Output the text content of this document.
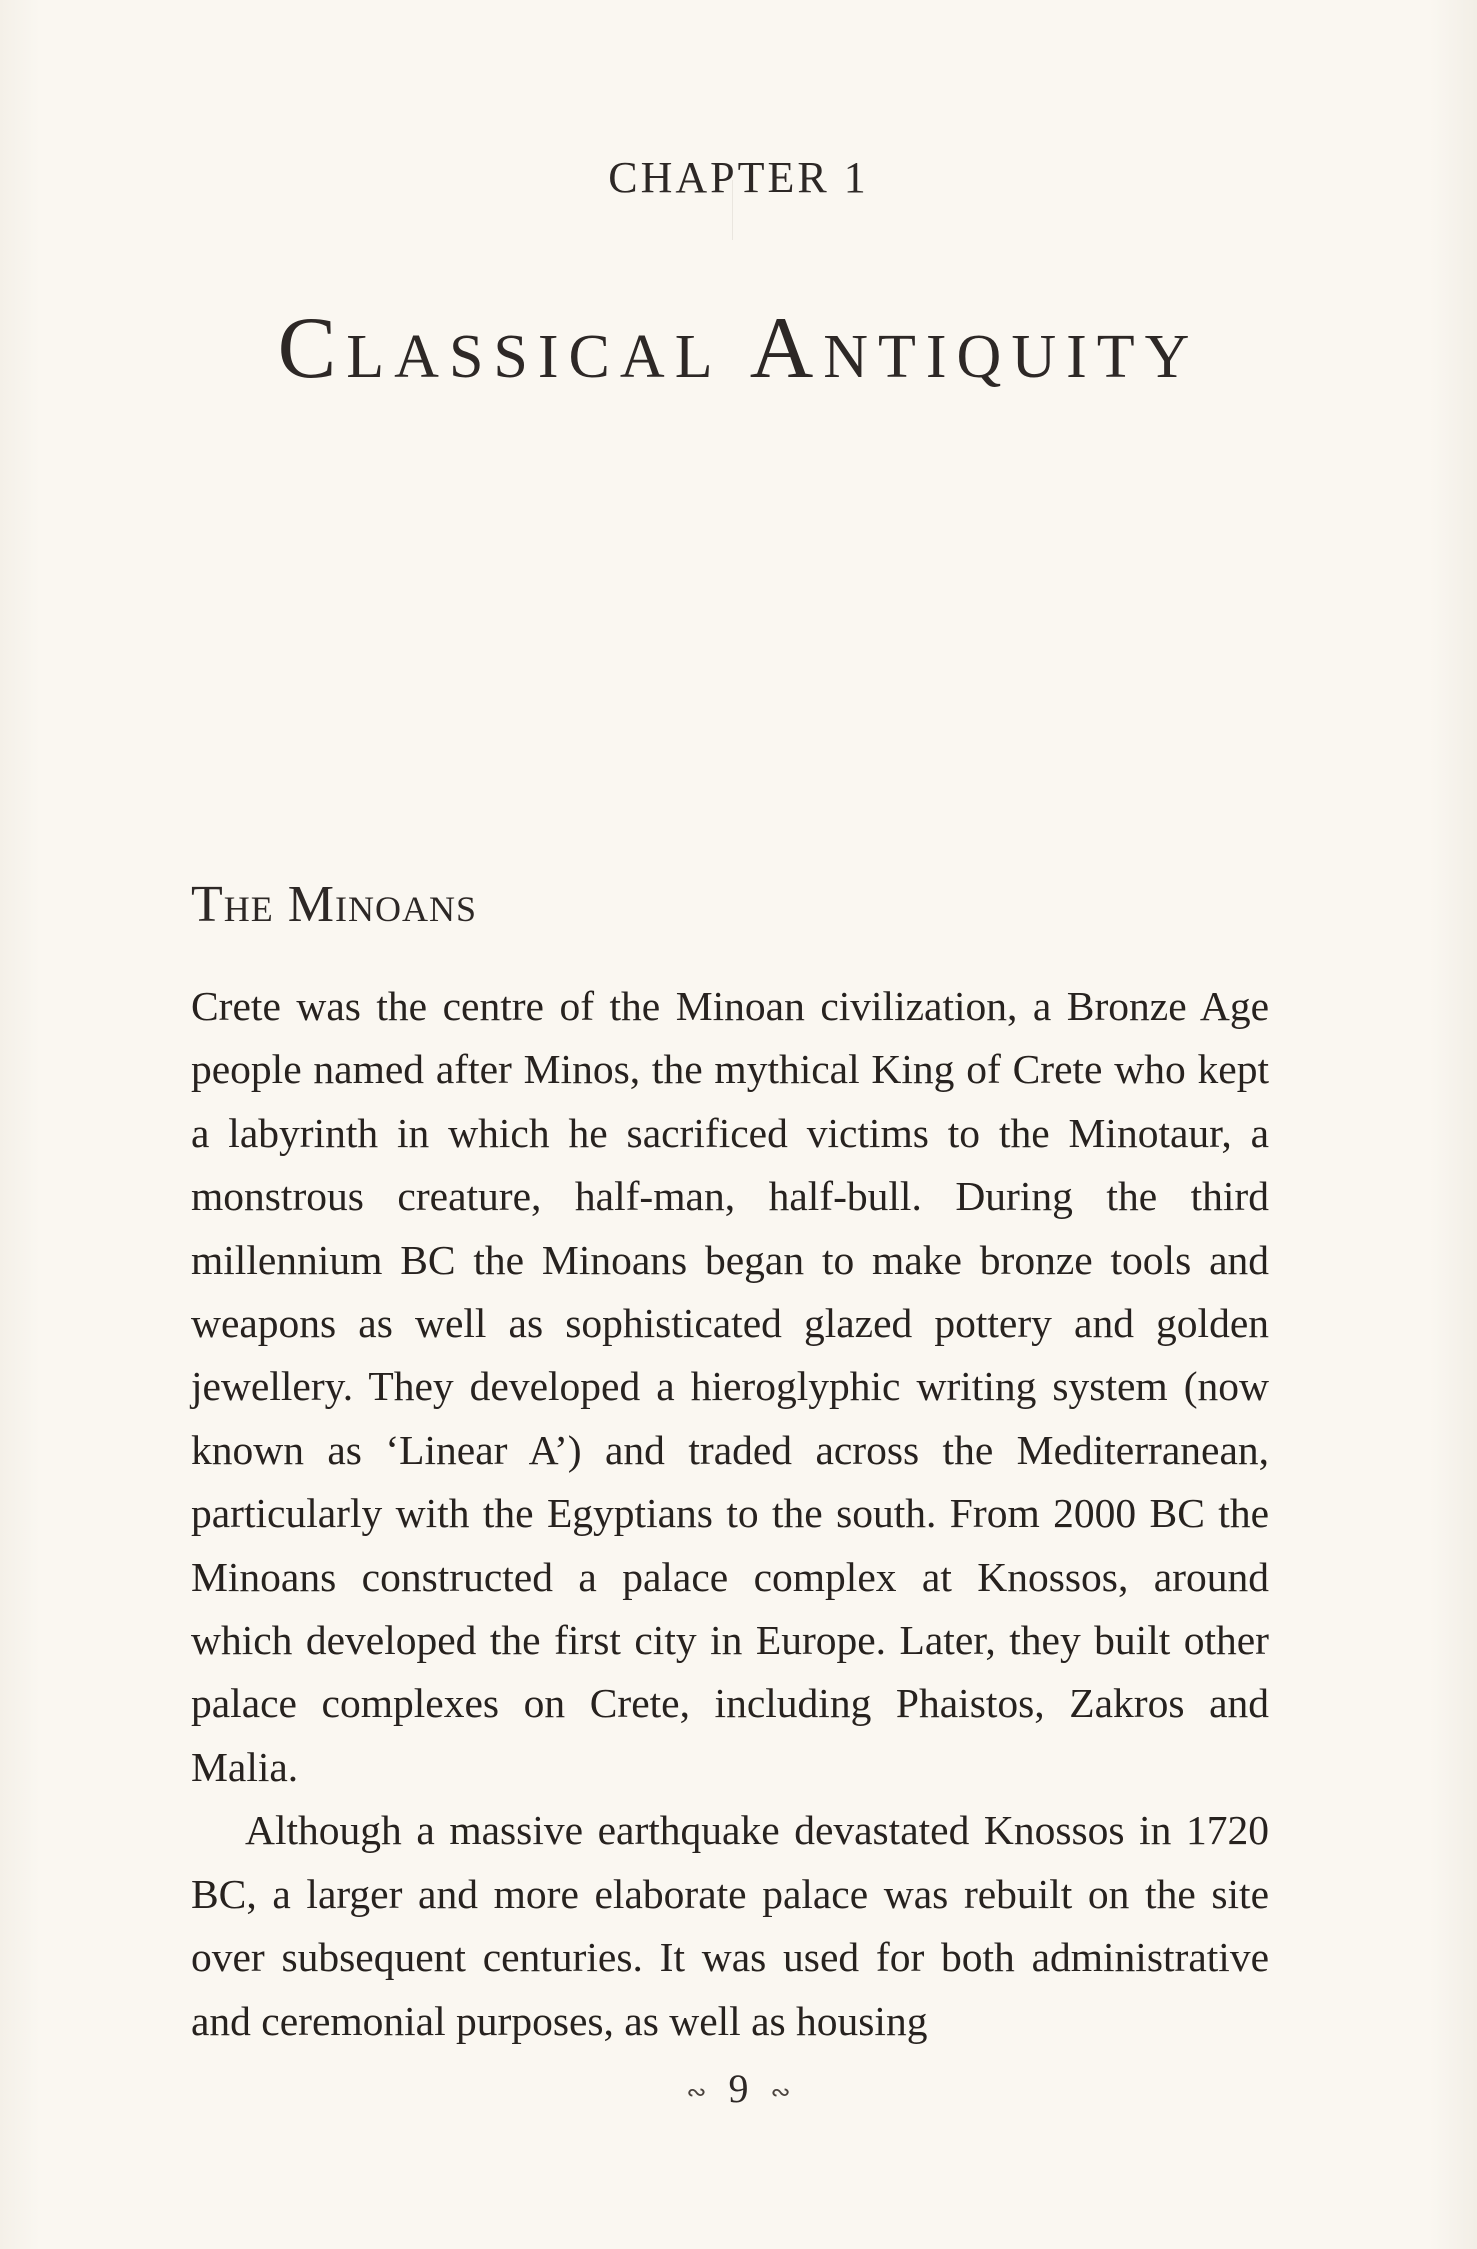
CHAPTER 1
Classical Antiquity
The Minoans

Crete was the centre of the Minoan civilization, a Bronze Age people named after Minos, the mythical King of Crete who kept a labyrinth in which he sacrificed victims to the Minotaur, a monstrous creature, half-man, half-bull. During the third millennium BC the Minoans began to make bronze tools and weapons as well as sophisticated glazed pottery and golden jewellery. They developed a hieroglyphic writing system (now known as ‘Linear A’) and traded across the Mediterranean, particularly with the Egyptians to the south. From 2000 BC the Minoans constructed a palace complex at Knossos, around which developed the first city in Europe. Later, they built other palace complexes on Crete, including Phaistos, Zakros and Malia.

Although a massive earthquake devastated Knossos in 1720 BC, a larger and more elaborate palace was rebuilt on the site over subsequent centuries. It was used for both administrative and ceremonial purposes, as well as housing

∾ 9 ∾
